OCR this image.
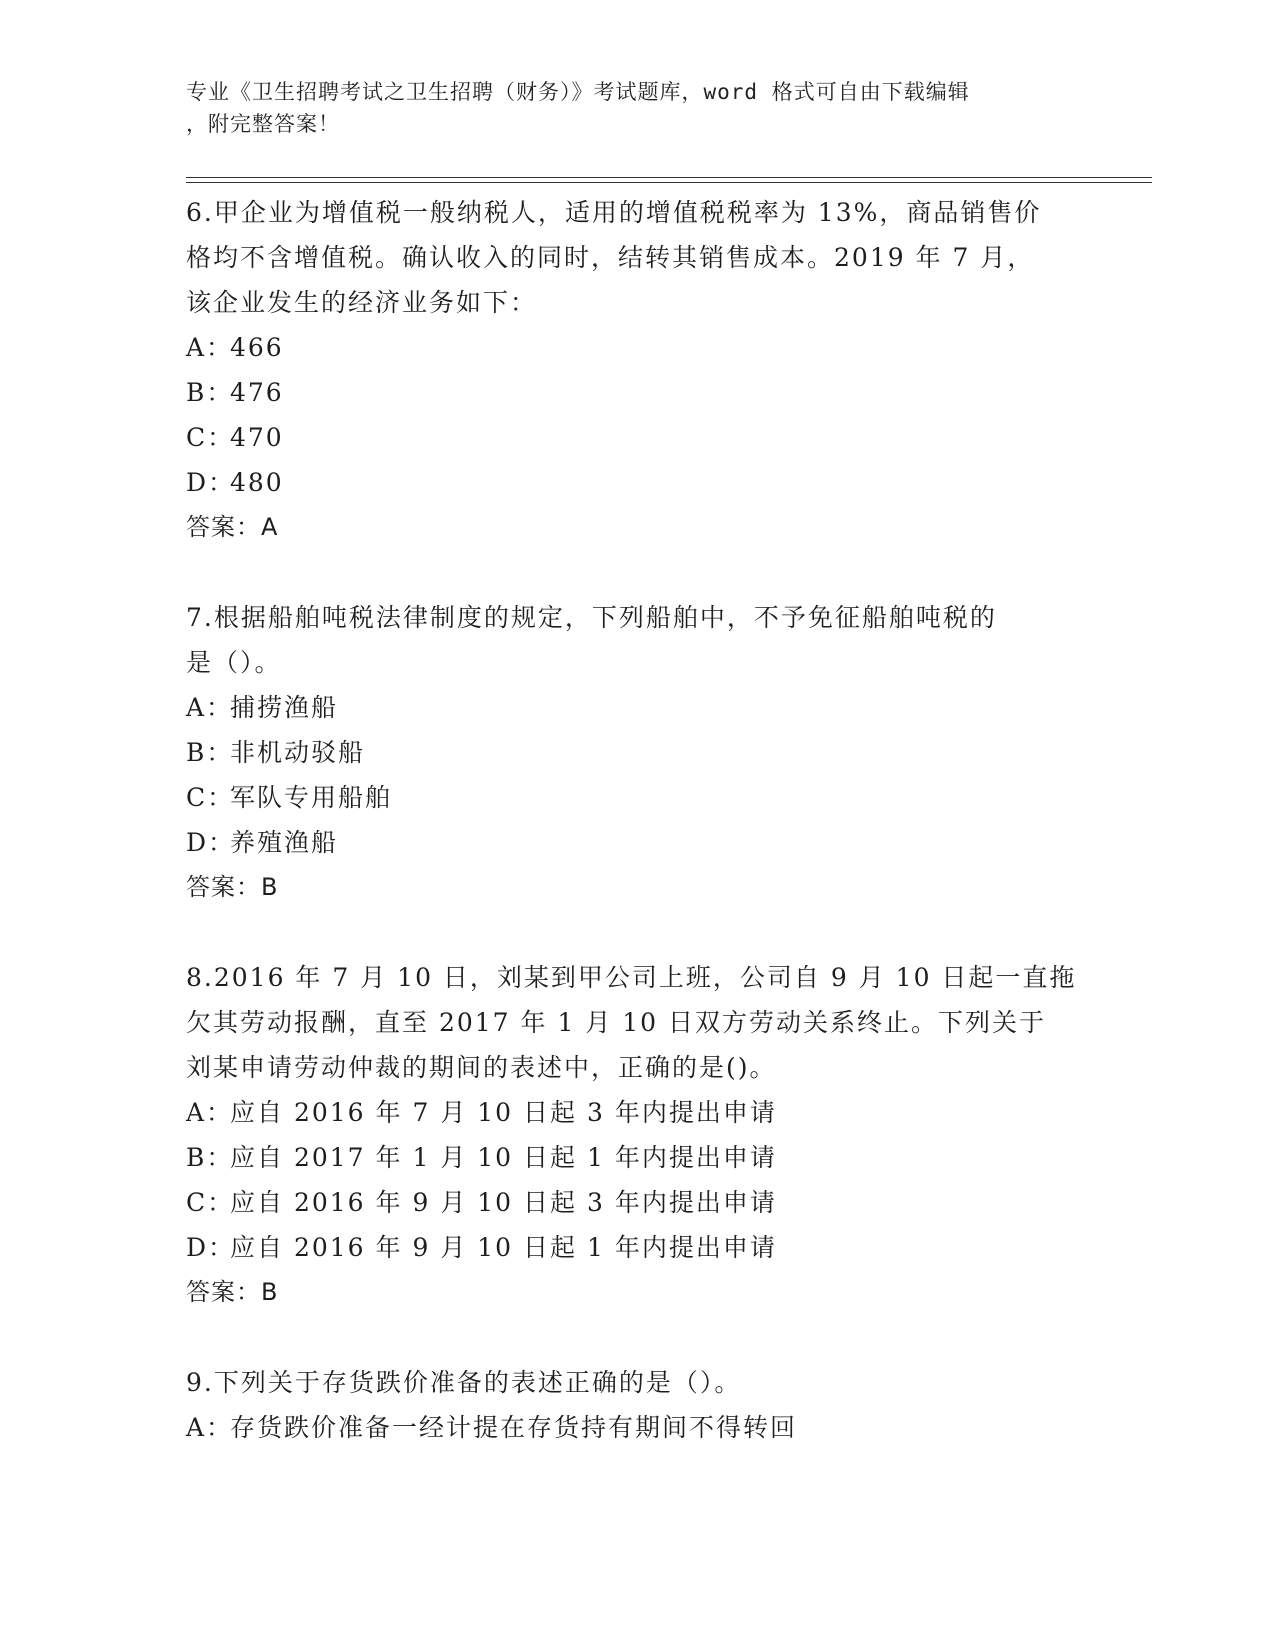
专业《卫生招聘考试之卫生招聘（财务）》考试题库，word 格式可自由下载编辑
，附完整答案！
6.甲企业为增值税一般纳税人，适用的增值税税率为 13%，商品销售价
格均不含增值税。确认收入的同时，结转其销售成本。2019 年 7 月，
该企业发生的经济业务如下：
A：466
B：476
C：470
D：480
答案：A
7.根据船舶吨税法律制度的规定，下列船舶中，不予免征船舶吨税的
是（）。
A：捕捞渔船
B：非机动驳船
C：军队专用船舶
D：养殖渔船
答案：B
8.2016 年 7 月 10 日，刘某到甲公司上班，公司自 9 月 10 日起一直拖
欠其劳动报酬，直至 2017 年 1 月 10 日双方劳动关系终止。下列关于
刘某申请劳动仲裁的期间的表述中，正确的是()。
A：应自 2016 年 7 月 10 日起 3 年内提出申请
B：应自 2017 年 1 月 10 日起 1 年内提出申请
C：应自 2016 年 9 月 10 日起 3 年内提出申请
D：应自 2016 年 9 月 10 日起 1 年内提出申请
答案：B
9.下列关于存货跌价准备的表述正确的是（）。
A：存货跌价准备一经计提在存货持有期间不得转回
